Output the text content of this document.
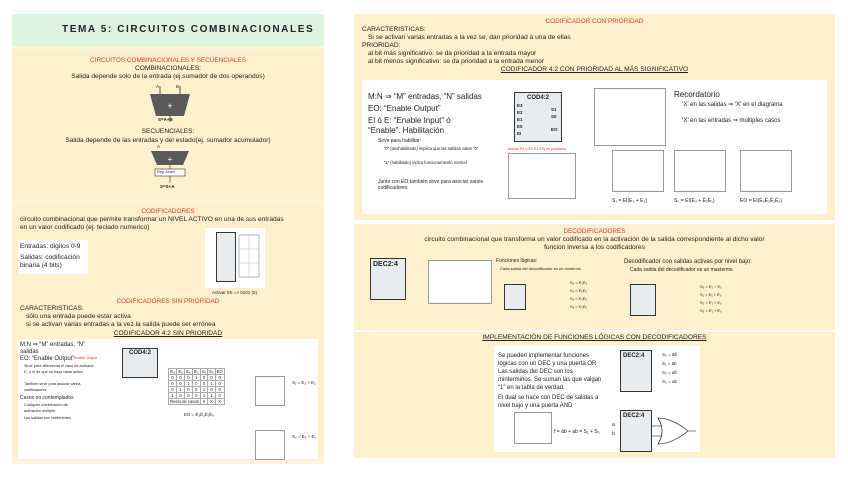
TEMA 5: CIRCUITOS COMBINACIONALES
CIRCUITOS COMBINACIONALES Y SECUENCIALES
COMBINACIONALES:
Salida depende solo de la entrada (ej.sumador de dos operandos)
+
A	B
S=A+B
SECUENCIALES:
Salida depende de las entradas y del estado(ej. sumador acumulador)
+
A
Reg. Acum
S=S+A
CODIFICADORES
circuito combinacional que permite transformar un NIVEL ACTIVO en una de sus entradas
en un valor codificado (ej. teclado numerico)
Entradas: digitos 0-9
Salidas: codificación
binaria (4 bits)
Activar E5 => 0101 (5)
CODIFICADORES SIN PRIORIDAD
CARACTERISTICAS:
sólo una entrada puede estar activa
si se activan varias entradas a la vez la salida puede ser errónea
CODIFICADOR 4:2 SIN PRIORIDAD
M:N ⇒ “M” entradas, “N”
salidas
EO: “Enable Output” Enable Output
Sirve para diferenciar el caso de activado E₀ y el de que no haya nada activo
También sirve para asociar varios codificadores
Casos no contemplados
Cualquier combinación de activación múltiple
Las salidas son indiferentes
COD4:2
E₃	E₂	E₁	E₀	S₁	S₀	EO
0	0	0	1	0	0	0
0	0	1	0	0	1	0
0	1	0	0	1	0	0
1	0	0	0	1	1	0
Resto de casos				X	X	X
S₁ = E₃ + E₂
EO = Ē₃Ē₂Ē₁Ē₀
S₀ = E₃ + E₁
CODIFICADOR CON PRIORIDAD
CARACTERISTICAS:
Si se activan varias entradas a la vez se, dan prioridad a una de ellas
PRIORIDAD:
al bit más significativo: se da prioridad a la entrada mayor
al bit menos significativo: se da prioridad a la entrada menor
CODIFICADOR 4:2 CON PRIORIDAD AL MÁS SIGNIFICATIVO
M:N ⇒ “M” entradas, “N” salidas
EO: “Enable Output”
El ó E: “Enable Input” ó
“Enable”. Habilitación
Sirve para habilitar:
“0” (deshabilitado) implica que las salidas valen “0”
“1” (habilitado) indica funcionamiento normal
Junto con EO también sirve para asociar varios codificadores
COD4:2
E3
E2
E1
E0
EI
S1
S0
EO
Activar E3 (>E2,E1,E0) es prioritario
Recordatorio
‘X’ en las salidas ⇒ ‘X’ en el diagrama
‘X’ en las entradas ⇒ múltiples casos
S₁ = EI(E₃ + E₂)	S₀ = EI(E₃ + Ē₂E₁)	EO = EI(Ē₃Ē₂Ē₁Ē₀)
DECODIFICADORES
circuito combinacional que transforma un valor codificado en la activación de la salida correspondiente al dicho valor
funcion inversa a los codificadores
DEC2:4	Funciones lógicas:
Cada salida del decodificador es un minterms
S₀ = Ē₁Ē₀
S₁ = Ē₁E₀
S₂ = E₁Ē₀
S₃ = E₁E₀
Decodificador con salidas activas por nivel bajo:
Cada salida del decodificador es un maxterms
S₀ = E₁ + E₀
S₁ = E₁ + Ē₀
S₂ = Ē₁ + E₀
S₃ = Ē₁ + Ē₀
IMPLEMENTACIÓN DE FUNCIONES LÓGICAS CON DECODIFICADORES
Se pueden implementar funciones
lógicas con un DEC y una puerta OR
Las salidas del DEC son los
minterminos. Se suman las que valgan
“1” en la tabla de verdad
El dual se hace con DEC de salidas a
nivel bajo y una puerta AND
f = āb + ab = S₁ + S₃
DEC2:4	S₀ = āb̄
S₁ = āb
S₂ = ab̄
S₃ = ab
DEC2:4
a
b
